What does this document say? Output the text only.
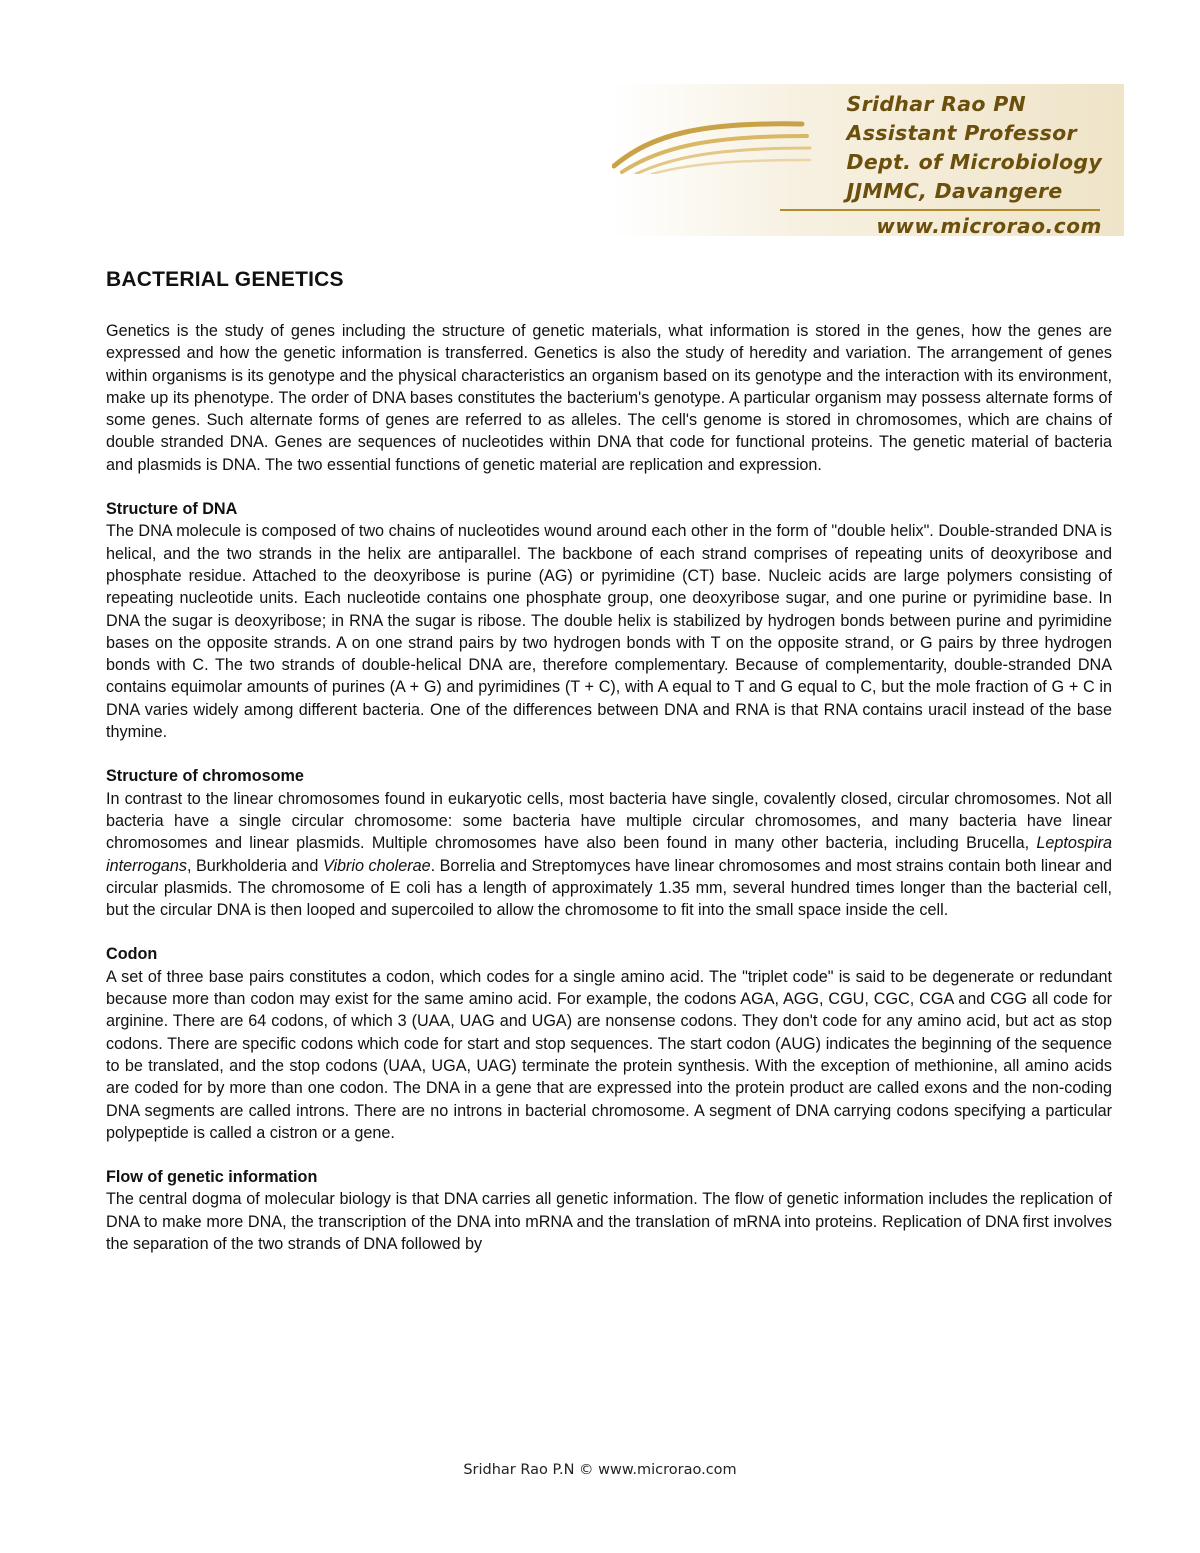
Sridhar Rao PN
Assistant Professor
Dept. of Microbiology
JJMMC, Davangere
www.microrao.com
BACTERIAL GENETICS

Genetics is the study of genes including the structure of genetic materials, what information is stored in the genes, how the genes are expressed and how the genetic information is transferred. Genetics is also the study of heredity and variation. The arrangement of genes within organisms is its genotype and the physical characteristics an organism based on its genotype and the interaction with its environment, make up its phenotype. The order of DNA bases constitutes the bacterium's genotype. A particular organism may possess alternate forms of some genes. Such alternate forms of genes are referred to as alleles. The cell's genome is stored in chromosomes, which are chains of double stranded DNA. Genes are sequences of nucleotides within DNA that code for functional proteins. The genetic material of bacteria and plasmids is DNA. The two essential functions of genetic material are replication and expression.

Structure of DNA

The DNA molecule is composed of two chains of nucleotides wound around each other in the form of "double helix". Double-stranded DNA is helical, and the two strands in the helix are antiparallel. The backbone of each strand comprises of repeating units of deoxyribose and phosphate residue. Attached to the deoxyribose is purine (AG) or pyrimidine (CT) base. Nucleic acids are large polymers consisting of repeating nucleotide units. Each nucleotide contains one phosphate group, one deoxyribose sugar, and one purine or pyrimidine base. In DNA the sugar is deoxyribose; in RNA the sugar is ribose. The double helix is stabilized by hydrogen bonds between purine and pyrimidine bases on the opposite strands. A on one strand pairs by two hydrogen bonds with T on the opposite strand, or G pairs by three hydrogen bonds with C. The two strands of double-helical DNA are, therefore complementary. Because of complementarity, double-stranded DNA contains equimolar amounts of purines (A + G) and pyrimidines (T + C), with A equal to T and G equal to C, but the mole fraction of G + C in DNA varies widely among different bacteria. One of the differences between DNA and RNA is that RNA contains uracil instead of the base thymine.

Structure of chromosome

In contrast to the linear chromosomes found in eukaryotic cells, most bacteria have single, covalently closed, circular chromosomes. Not all bacteria have a single circular chromosome: some bacteria have multiple circular chromosomes, and many bacteria have linear chromosomes and linear plasmids. Multiple chromosomes have also been found in many other bacteria, including Brucella, Leptospira interrogans, Burkholderia and Vibrio cholerae. Borrelia and Streptomyces have linear chromosomes and most strains contain both linear and circular plasmids. The chromosome of E coli has a length of approximately 1.35 mm, several hundred times longer than the bacterial cell, but the circular DNA is then looped and supercoiled to allow the chromosome to fit into the small space inside the cell.

Codon

A set of three base pairs constitutes a codon, which codes for a single amino acid. The "triplet code" is said to be degenerate or redundant because more than codon may exist for the same amino acid. For example, the codons AGA, AGG, CGU, CGC, CGA and CGG all code for arginine. There are 64 codons, of which 3 (UAA, UAG and UGA) are nonsense codons. They don't code for any amino acid, but act as stop codons. There are specific codons which code for start and stop sequences. The start codon (AUG) indicates the beginning of the sequence to be translated, and the stop codons (UAA, UGA, UAG) terminate the protein synthesis. With the exception of methionine, all amino acids are coded for by more than one codon. The DNA in a gene that are expressed into the protein product are called exons and the non-coding DNA segments are called introns. There are no introns in bacterial chromosome. A segment of DNA carrying codons specifying a particular polypeptide is called a cistron or a gene.

Flow of genetic information

The central dogma of molecular biology is that DNA carries all genetic information. The flow of genetic information includes the replication of DNA to make more DNA, the transcription of the DNA into mRNA and the translation of mRNA into proteins. Replication of DNA first involves the separation of the two strands of DNA followed by

Sridhar Rao P.N © www.microrao.com
